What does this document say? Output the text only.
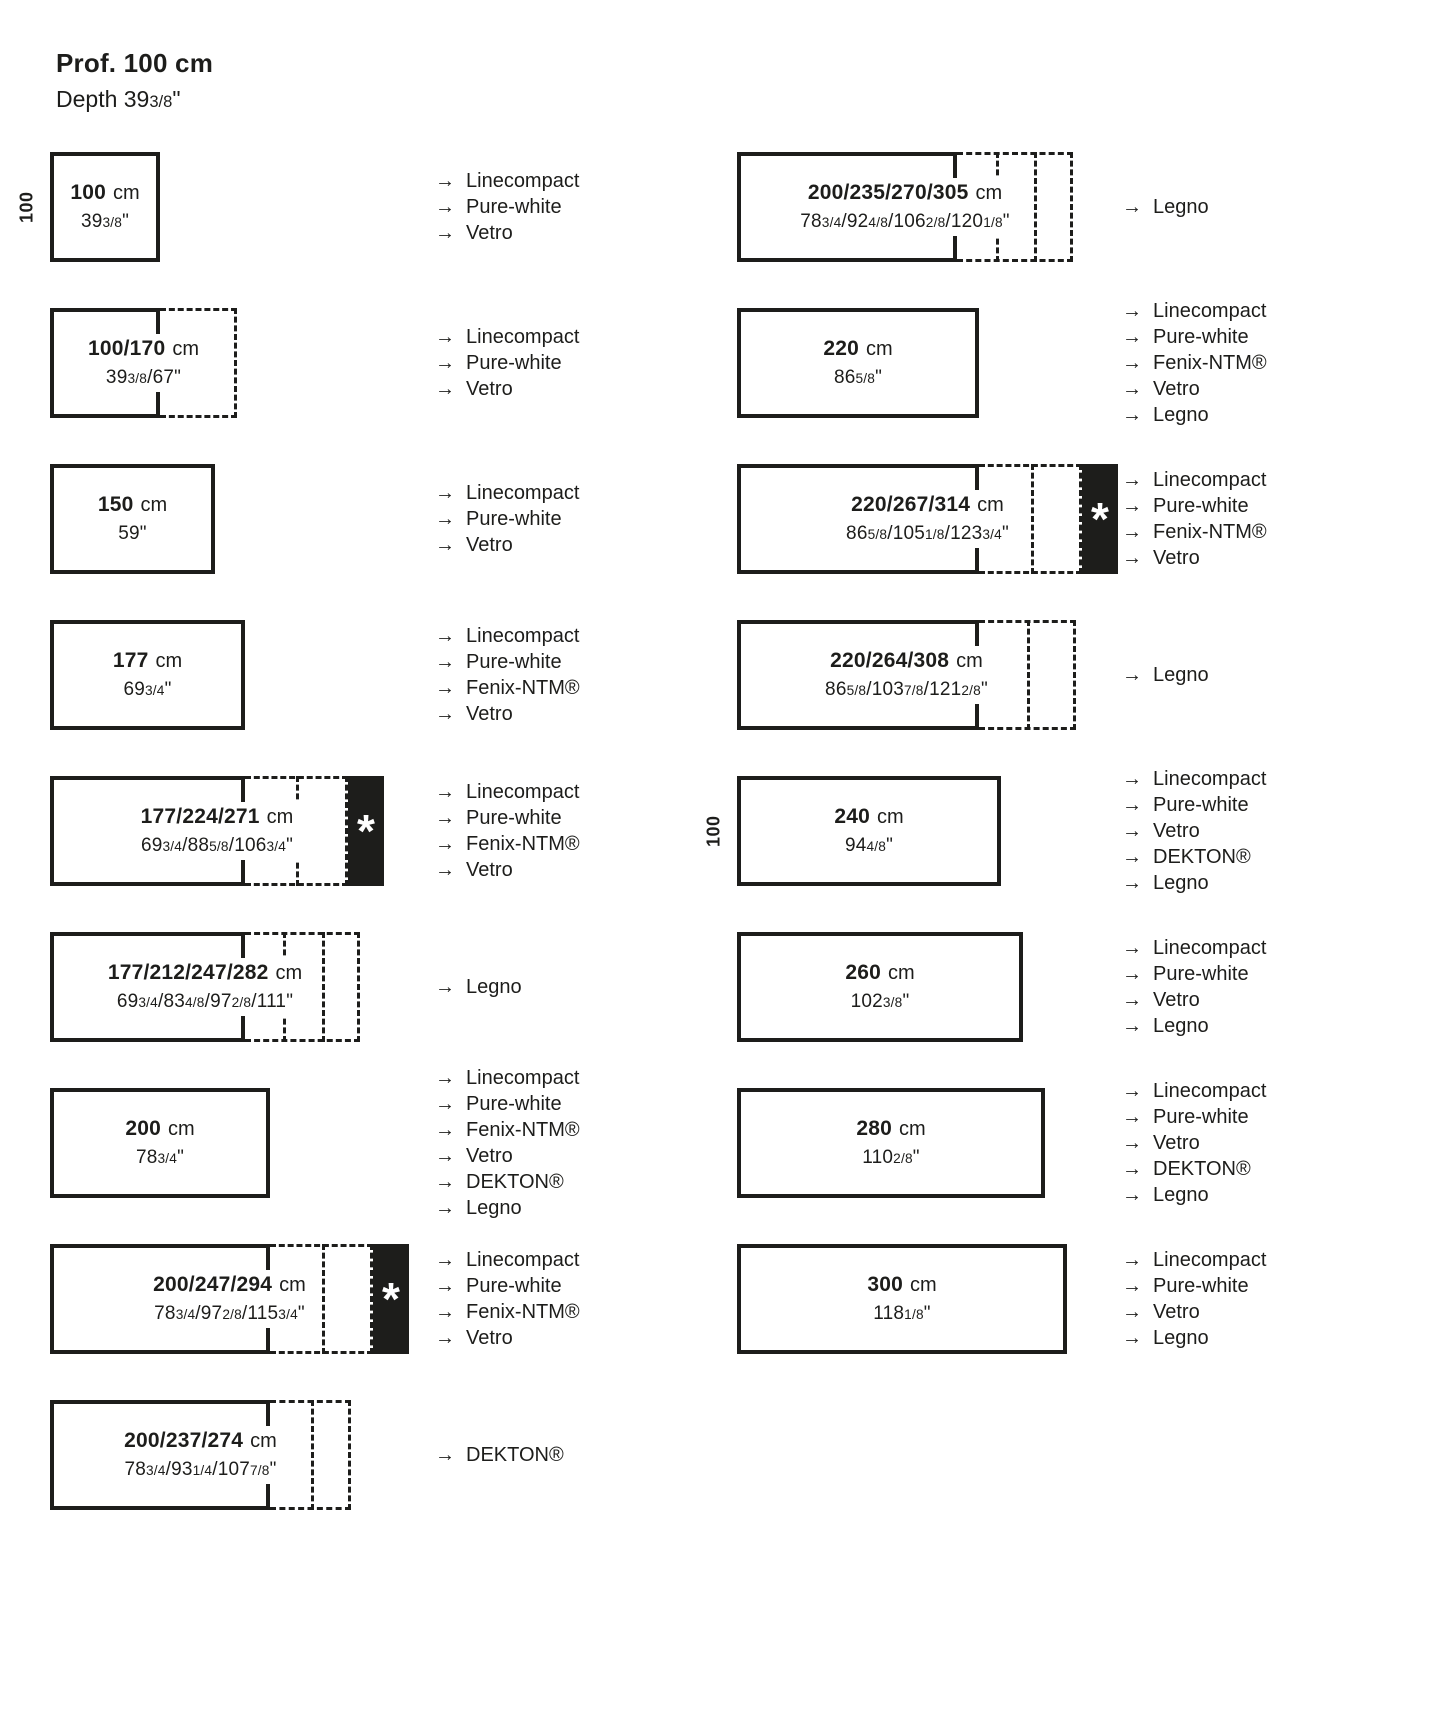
Prof. 100 cm
Depth 393/8"
100 100 cm
393/8"
→ Linecompact
→ Pure-white
→ Vetro
100/170 cm
393/8/67"
→ Linecompact
→ Pure-white
→ Vetro
150 cm
59"
→ Linecompact
→ Pure-white
→ Vetro
177 cm
693/4"
→ Linecompact
→ Pure-white
→ Fenix-NTM®
→ Vetro
*
177/224/271 cm
693/4/885/8/1063/4"
→ Linecompact
→ Pure-white
→ Fenix-NTM®
→ Vetro
177/212/247/282 cm
693/4/834/8/972/8/111"
→ Legno
200 cm
783/4"
→ Linecompact
→ Pure-white
→ Fenix-NTM®
→ Vetro
→ DEKTON®
→ Legno
*
200/247/294 cm
783/4/972/8/1153/4"
→ Linecompact
→ Pure-white
→ Fenix-NTM®
→ Vetro
200/237/274 cm
783/4/931/4/1077/8"
→ DEKTON®
200/235/270/305 cm
783/4/924/8/1062/8/1201/8"
→ Legno
220 cm
865/8"
→ Linecompact
→ Pure-white
→ Fenix-NTM®
→ Vetro
→ Legno
*
220/267/314 cm
865/8/1051/8/1233/4"
→ Linecompact
→ Pure-white
→ Fenix-NTM®
→ Vetro
220/264/308 cm
865/8/1037/8/1212/8"
→ Legno
100	240 cm
944/8"
→ Linecompact
→ Pure-white
→ Vetro
→ DEKTON®
→ Legno
260 cm
1023/8"
→ Linecompact
→ Pure-white
→ Vetro
→ Legno
280 cm
1102/8"
→ Linecompact
→ Pure-white
→ Vetro
→ DEKTON®
→ Legno
300 cm
1181/8"
→ Linecompact
→ Pure-white
→ Vetro
→ Legno
